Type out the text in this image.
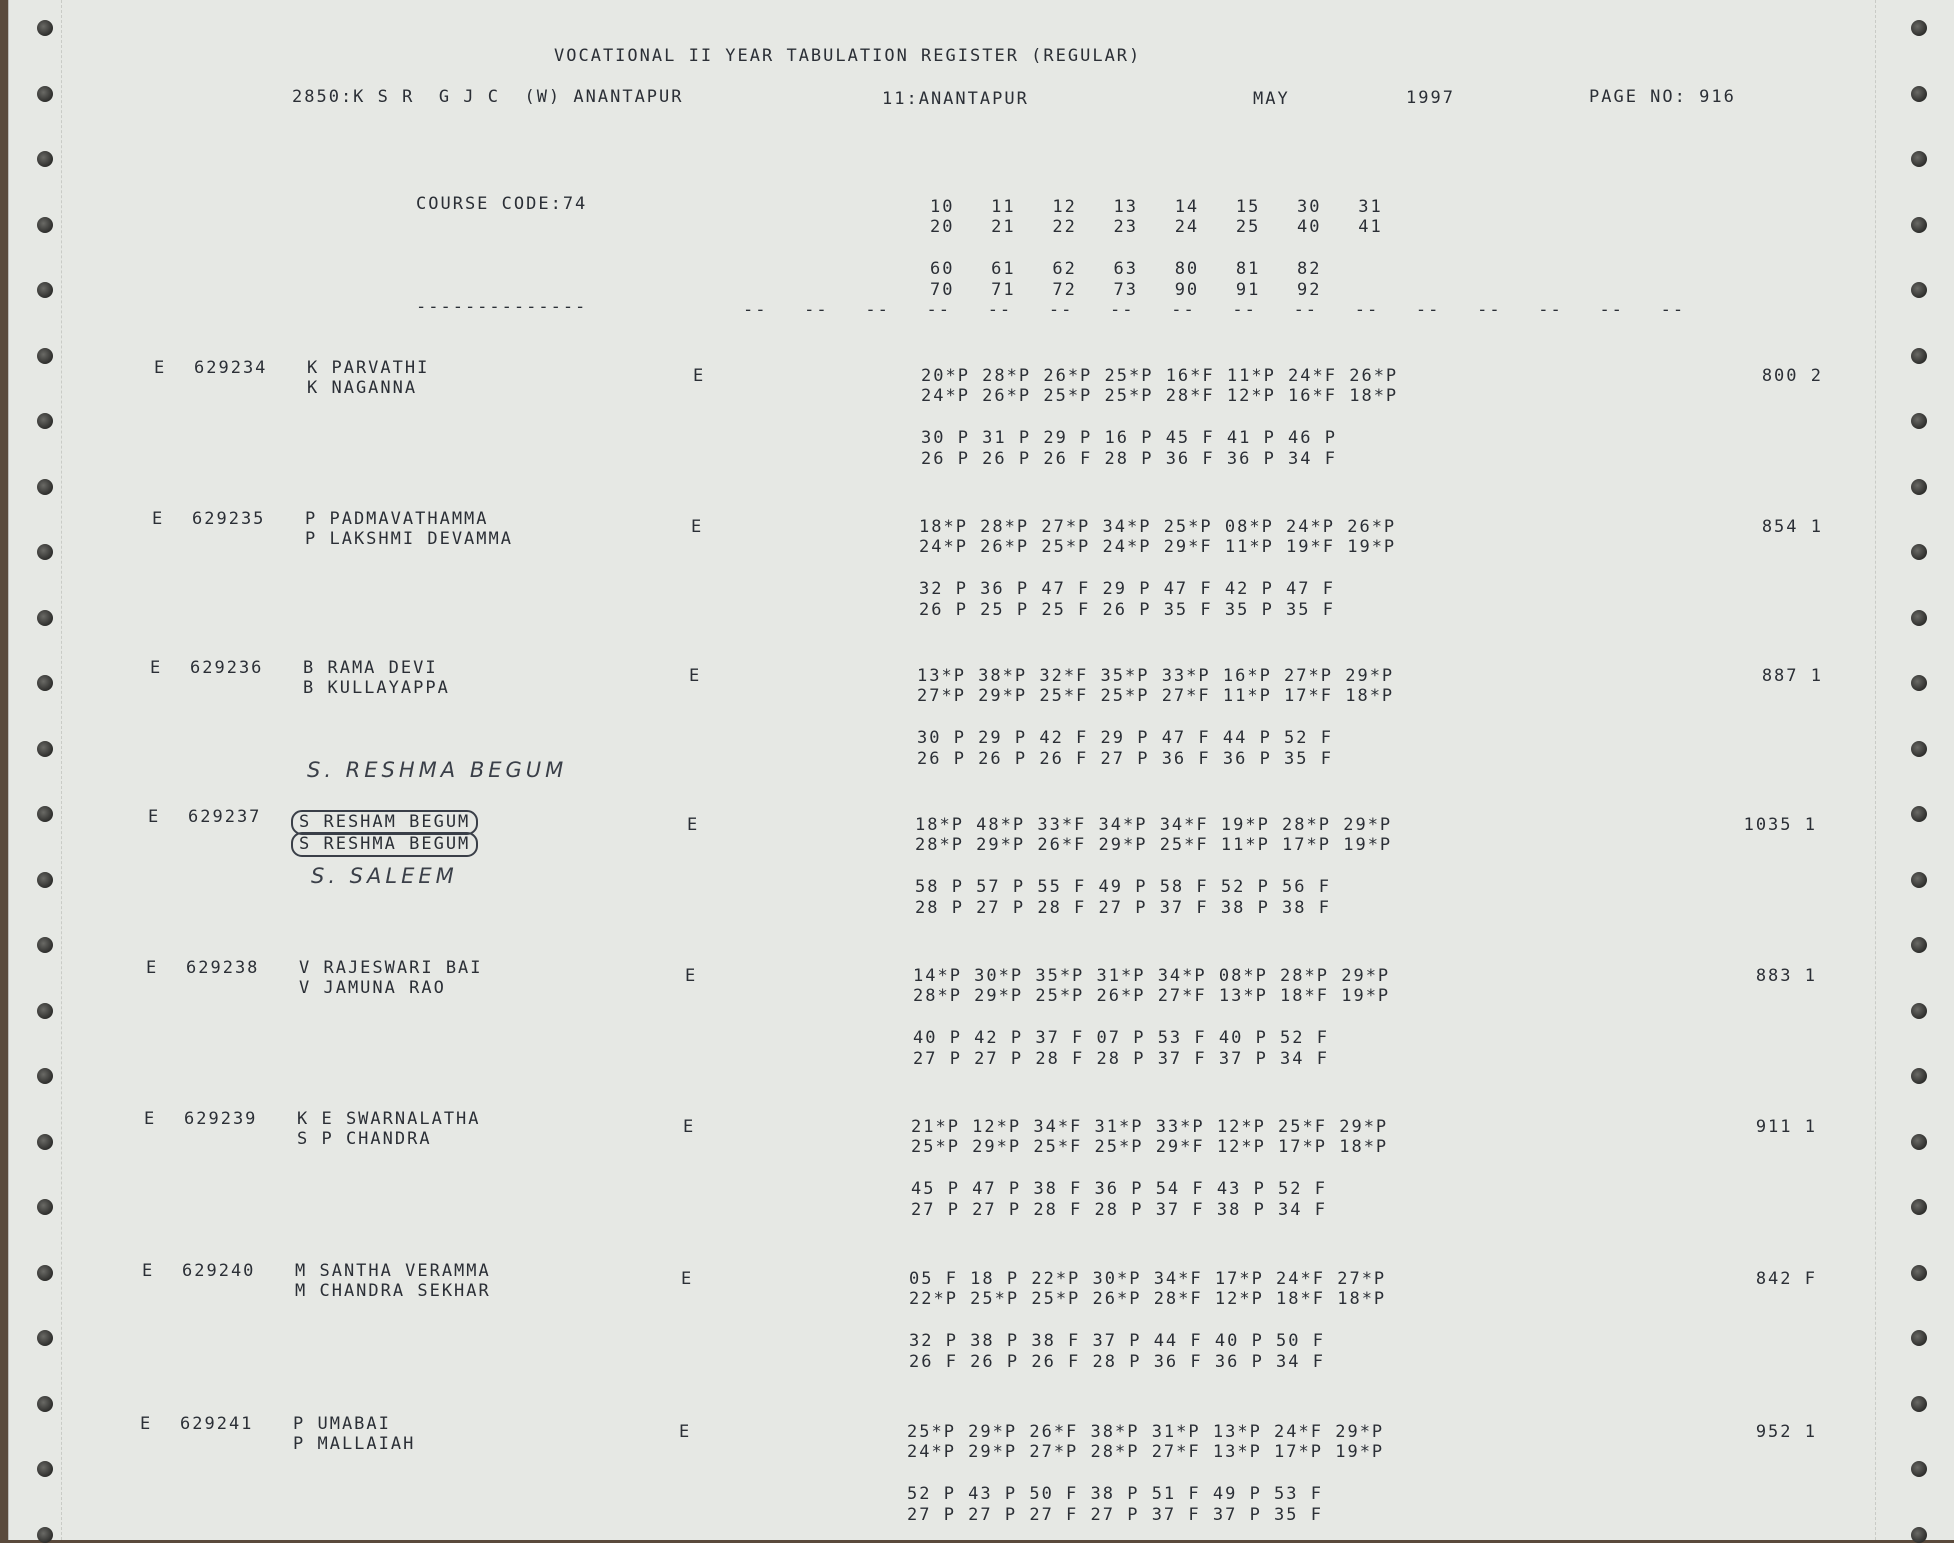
VOCATIONAL II YEAR TABULATION REGISTER (REGULAR)
2850:K S R  G J C  (W) ANANTAPUR	11:ANANTAPUR	MAY	1997	PAGE NO: 916
COURSE CODE:74	10   11   12   13   14   15   30   31
20   21   22   23   24   25   40   41
60   61   62   63   80   81   82
70   71   72   73   90   91   92
--------------	--   --   --   --   --   --   --   --   --   --   --   --   --   --   --   --
E 629234 K PARVATHI
K NAGANNA
E	20*P 28*P 26*P 25*P 16*F 11*P 24*F 26*P
24*P 26*P 25*P 25*P 28*F 12*P 16*F 18*P
30 P 31 P 29 P 16 P 45 F 41 P 46 P
26 P 26 P 26 F 28 P 36 F 36 P 34 F
800 2
E 629235 P PADMAVATHAMMA
P LAKSHMI DEVAMMA
E	18*P 28*P 27*P 34*P 25*P 08*P 24*P 26*P
24*P 26*P 25*P 24*P 29*F 11*P 19*F 19*P
32 P 36 P 47 F 29 P 47 F 42 P 47 F
26 P 25 P 25 F 26 P 35 F 35 P 35 F
854 1
E 629236 B RAMA DEVI
B KULLAYAPPA
E	13*P 38*P 32*F 35*P 33*P 16*P 27*P 29*P
27*P 29*P 25*F 25*P 27*F 11*P 17*F 18*P
30 P 29 P 42 F 29 P 47 F 44 P 52 F
26 P 26 P 26 F 27 P 36 F 36 P 35 F
887 1
E 629237	S RESHAM BEGUM
S RESHMA BEGUM
S. RESHMA BEGUM
S. SALEEM
E	18*P 48*P 33*F 34*P 34*F 19*P 28*P 29*P
28*P 29*P 26*F 29*P 25*F 11*P 17*P 19*P
58 P 57 P 55 F 49 P 58 F 52 P 56 F
28 P 27 P 28 F 27 P 37 F 38 P 38 F
1035 1
E 629238 V RAJESWARI BAI
V JAMUNA RAO
E	14*P 30*P 35*P 31*P 34*P 08*P 28*P 29*P
28*P 29*P 25*P 26*P 27*F 13*P 18*F 19*P
40 P 42 P 37 F 07 P 53 F 40 P 52 F
27 P 27 P 28 F 28 P 37 F 37 P 34 F
883 1
E 629239 K E SWARNALATHA
S P CHANDRA
E	21*P 12*P 34*F 31*P 33*P 12*P 25*F 29*P
25*P 29*P 25*F 25*P 29*F 12*P 17*P 18*P
45 P 47 P 38 F 36 P 54 F 43 P 52 F
27 P 27 P 28 F 28 P 37 F 38 P 34 F
911 1
E 629240 M SANTHA VERAMMA
M CHANDRA SEKHAR
E	05 F 18 P 22*P 30*P 34*F 17*P 24*F 27*P
22*P 25*P 25*P 26*P 28*F 12*P 18*F 18*P
32 P 38 P 38 F 37 P 44 F 40 P 50 F
26 F 26 P 26 F 28 P 36 F 36 P 34 F
842 F
E 629241 P UMABAI
P MALLAIAH
E	25*P 29*P 26*F 38*P 31*P 13*P 24*F 29*P
24*P 29*P 27*P 28*P 27*F 13*P 17*P 19*P
52 P 43 P 50 F 38 P 51 F 49 P 53 F
27 P 27 P 27 F 27 P 37 F 37 P 35 F
952 1
